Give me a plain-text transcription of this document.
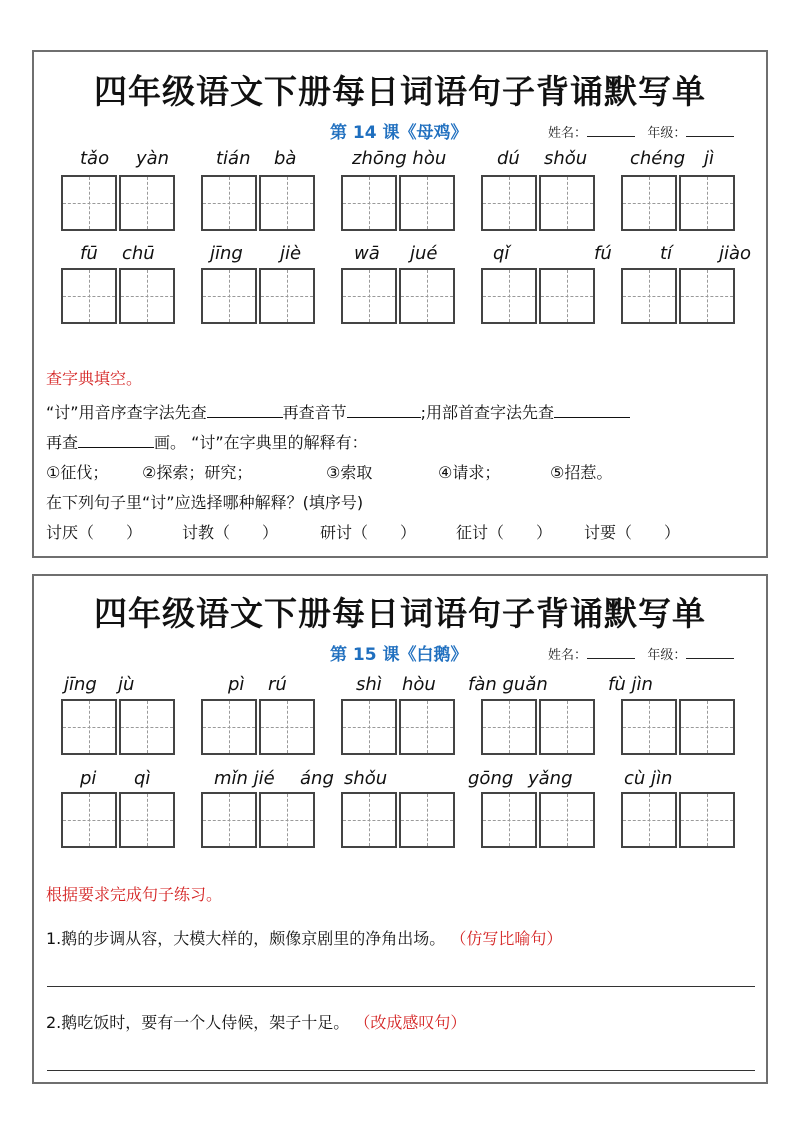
四年级语文下册每日词语句子背诵默写单
第 14 课《母鸡》	姓名：	年级：
tǎo yàn	tián bà	zhōng hòu	dú shǒu chéng jì
fū chū	jīng jiè	wā jué	qǐ	fú	tí	jiào
查字典填空。
“讨”用音序查字法先查	再查音节	;用部首查字法先查
再查	画。 “讨”在字典里的解释有：
①征伐； ②探索；研究；	③索取	④请求；	⑤招惹。
在下列句子里“讨”应选择哪种解释？(填序号)
讨厌（　　） 讨教（　　）	研讨（　　） 征讨（　　） 讨要（　　）
四年级语文下册每日词语句子背诵默写单
第 15 课《白鹅》	姓名：	年级：
jīng jù	pì rú	shì hòu fàn guǎn	fù jìn
pi qì	mǐn jié áng shǒu	gōng yǎng	cù jìn
根据要求完成句子练习。
1.鹅的步调从容，大模大样的，颇像京剧里的净角出场。 （仿写比喻句）
2.鹅吃饭时，要有一个人侍候，架子十足。 （改成感叹句）
